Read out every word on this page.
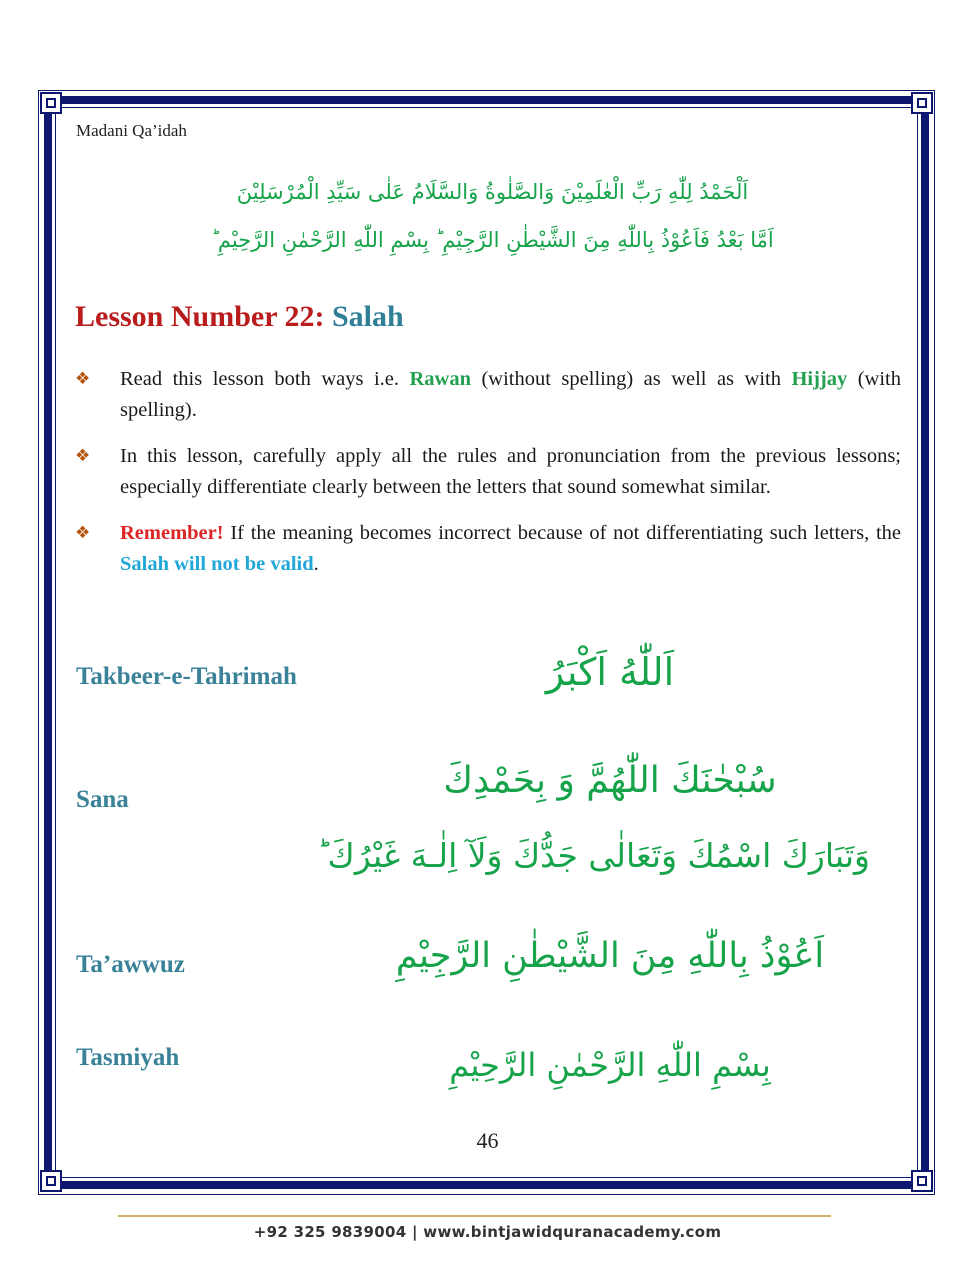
Madani Qa’idah
اَلْحَمْدُ لِلّٰهِ رَبِّ الْعٰلَمِیْنَ وَالصَّلٰوةُ وَالسَّلَامُ عَلٰی سَیِّدِ الْمُرْسَلِیْنَ
اَمَّا بَعْدُ فَاَعُوْذُ بِاللّٰهِ مِنَ الشَّیْطٰنِ الرَّجِیْمِ ؕ بِسْمِ اللّٰهِ الرَّحْمٰنِ الرَّحِیْمِ ؕ
Lesson Number 22: Salah
❖ Read this lesson both ways i.e. Rawan (without spelling) as well as with Hijjay (with spelling).
❖ In this lesson, carefully apply all the rules and pronunciation from the previous lessons; especially differentiate clearly between the letters that sound somewhat similar.
❖ Remember! If the meaning becomes incorrect because of not differentiating such letters, the Salah will not be valid.
Takbeer-e-Tahrimah	اَللّٰهُ اَكْبَرُ
Sana	سُبْحٰنَكَ اللّٰهُمَّ وَ بِحَمْدِكَ
وَتَبَارَكَ اسْمُكَ وَتَعَالٰى جَدُّكَ وَلَآ اِلٰـهَ غَيْرُكَ ؕ
Ta’awwuz	اَعُوْذُ بِاللّٰهِ مِنَ الشَّيْطٰنِ الرَّجِيْمِ
Tasmiyah	بِسْمِ اللّٰهِ الرَّحْمٰنِ الرَّحِيْمِ
46
+92 325 9839004 | www.bintjawidquranacademy.com
